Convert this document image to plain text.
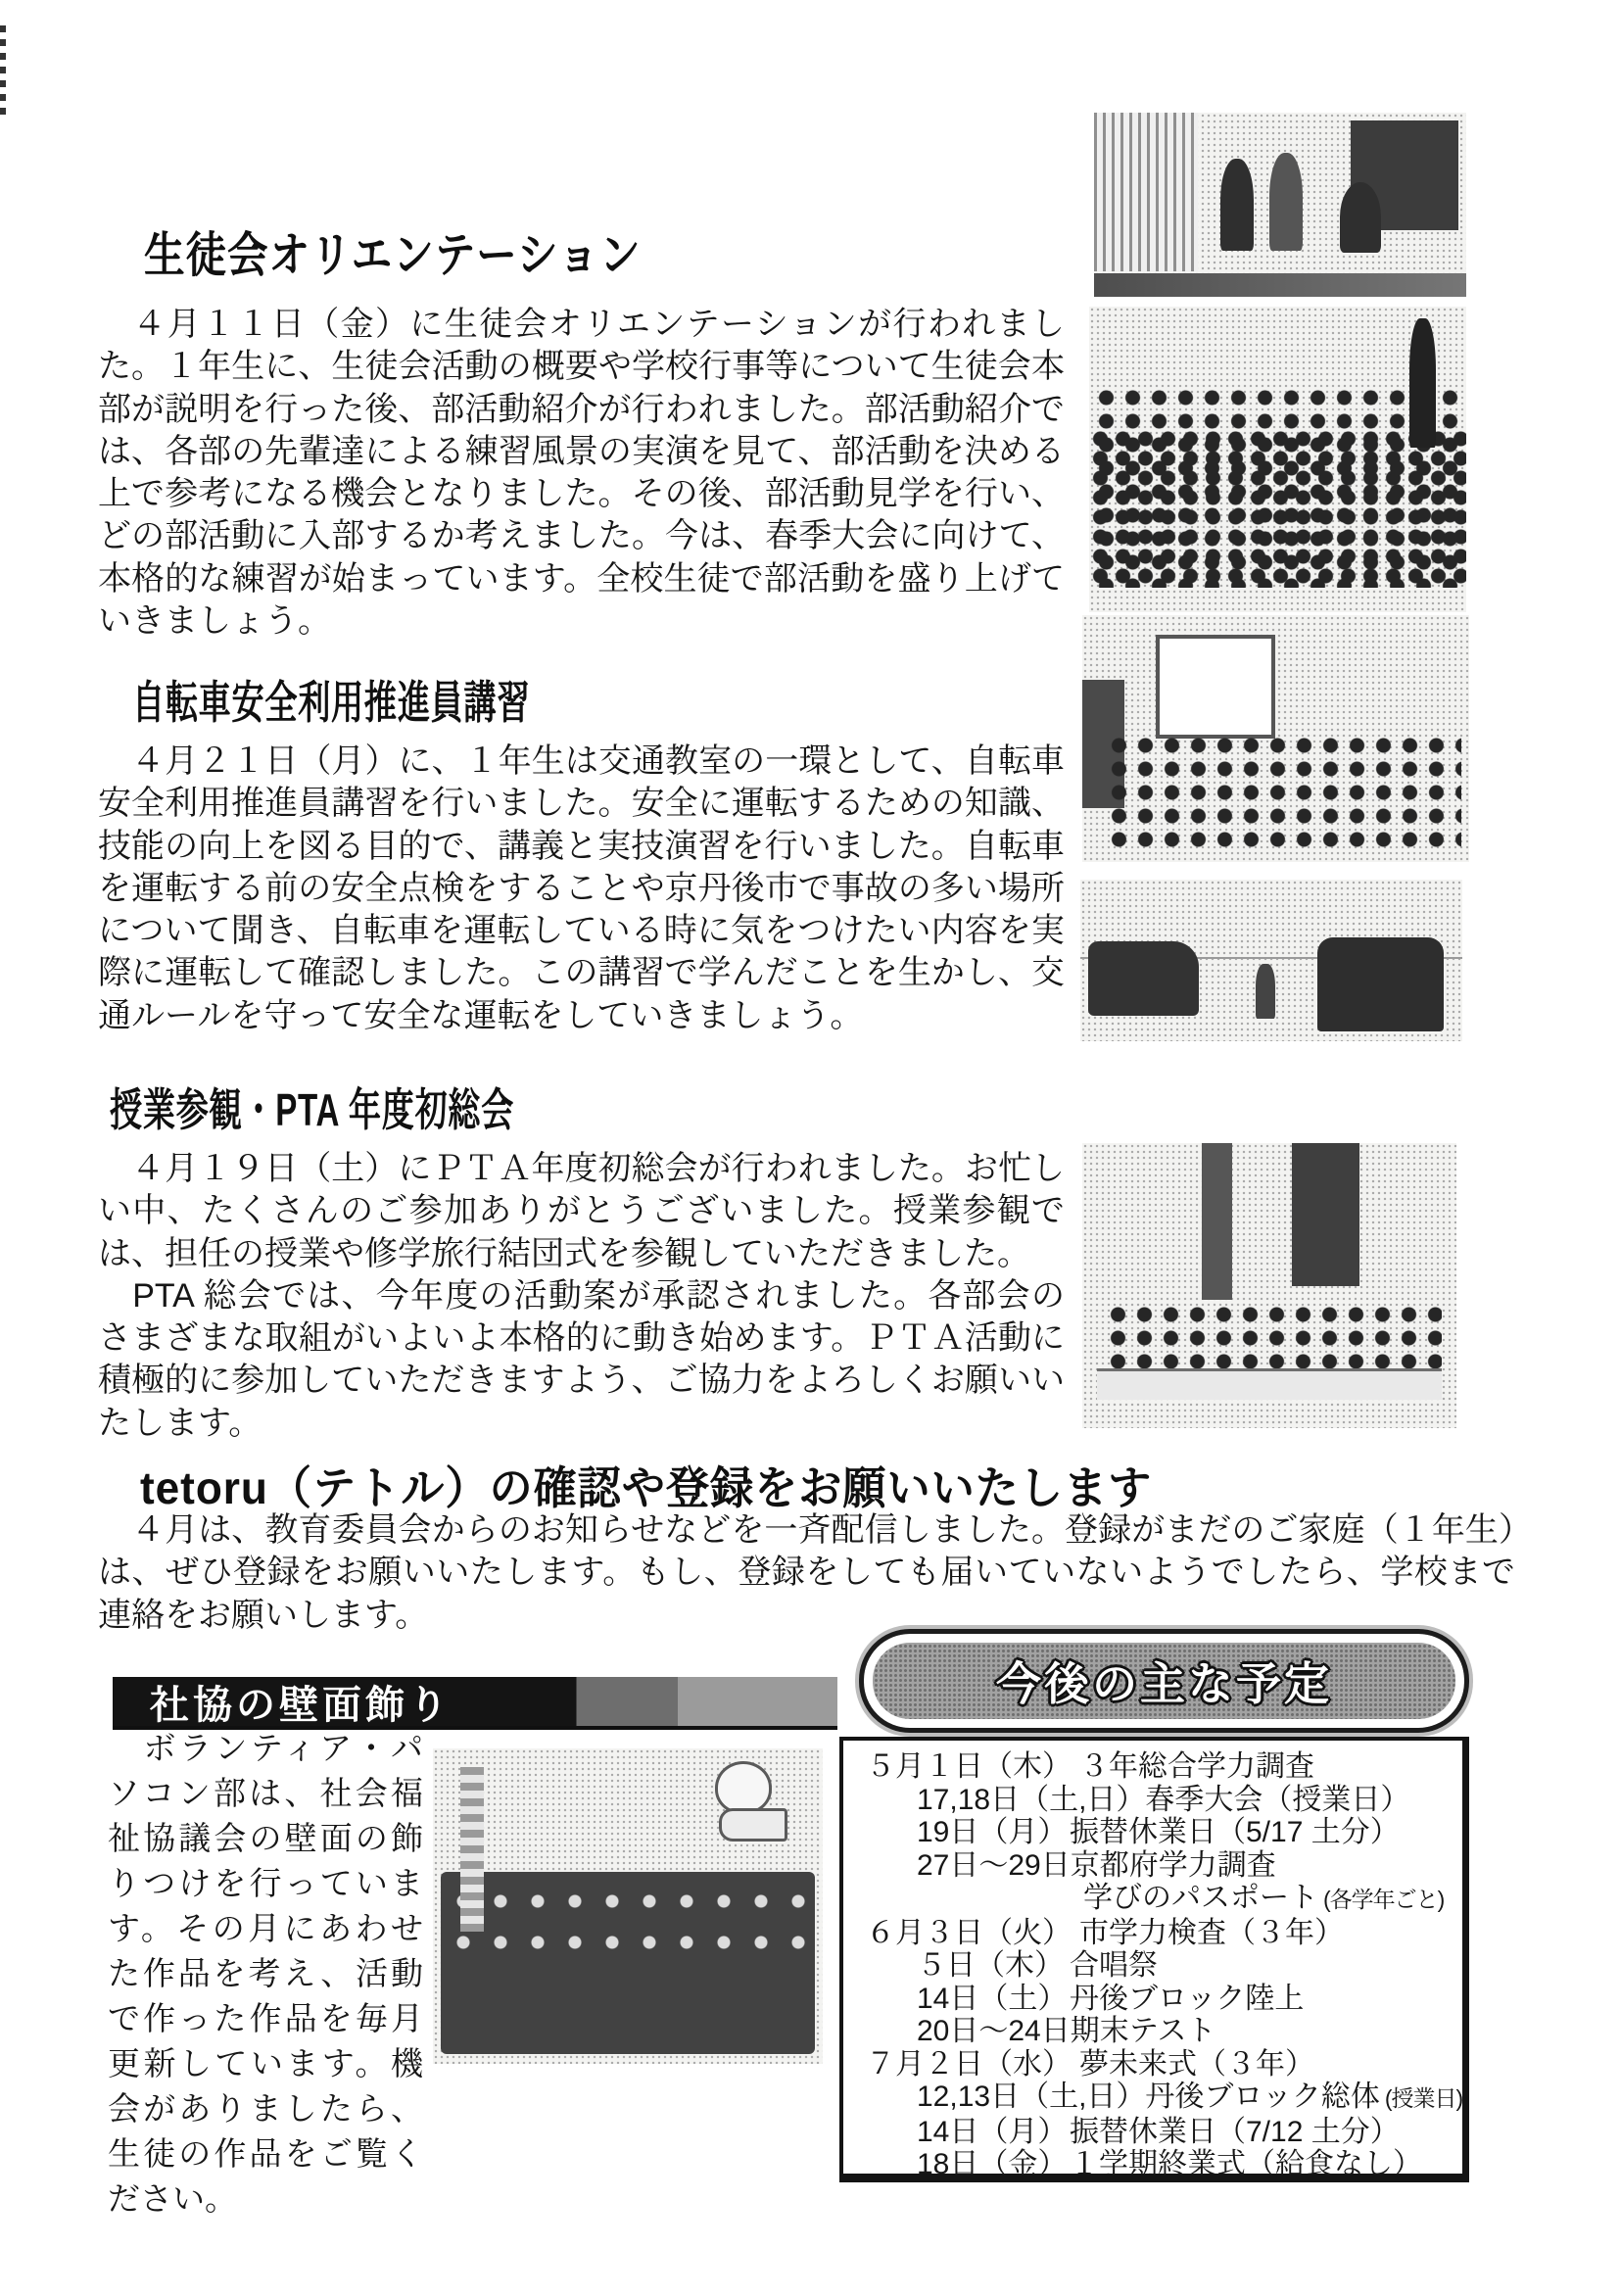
生徒会オリエンテーション

　４月１１日（金）に生徒会オリエンテーションが行われました。１年生に、生徒会活動の概要や学校行事等について生徒会本部が説明を行った後、部活動紹介が行われました。部活動紹介では、各部の先輩達による練習風景の実演を見て、部活動を決める上で参考になる機会となりました。その後、部活動見学を行い、どの部活動に入部するか考えました。今は、春季大会に向けて、本格的な練習が始まっています。全校生徒で部活動を盛り上げていきましょう。

自転車安全利用推進員講習

　４月２１日（月）に、１年生は交通教室の一環として、自転車安全利用推進員講習を行いました。安全に運転するための知識、技能の向上を図る目的で、講義と実技演習を行いました。自転車を運転する前の安全点検をすることや京丹後市で事故の多い場所について聞き、自転車を運転している時に気をつけたい内容を実際に運転して確認しました。この講習で学んだことを生かし、交通ルールを守って安全な運転をしていきましょう。

授業参観・PTA 年度初総会

　４月１９日（土）にＰＴＡ年度初総会が行われました。お忙しい中、たくさんのご参加ありがとうございました。授業参観では、担任の授業や修学旅行結団式を参観していただきました。

　PTA 総会では、今年度の活動案が承認されました。各部会のさまざまな取組がいよいよ本格的に動き始めます。ＰＴＡ活動に積極的に参加していただきますよう、ご協力をよろしくお願いいたします。

tetoru（テトル）の確認や登録をお願いいたします

　４月は、教育委員会からのお知らせなどを一斉配信しました。登録がまだのご家庭（１年生）は、ぜひ登録をお願いいたします。もし、登録をしても届いていないようでしたら、学校まで連絡をお願いします。

社協の壁面飾り

　ボランティア・パソコン部は、社会福祉協議会の壁面の飾りつけを行っています。その月にあわせた作品を考え、活動で作った作品を毎月更新しています。機会がありましたら、生徒の作品をご覧ください。

今後の主な予定
５月１日（木） ３年総合学力調査
17,18日（土,日） 春季大会（授業日）
19日（月） 振替休業日（5/17 土分）
27日～29日 京都府学力調査
学びのパスポート (各学年ごと)
６月３日（火） 市学力検査（３年）
５日（木） 合唱祭
14日（土） 丹後ブロック陸上
20日～24日 期末テスト
７月２日（水） 夢未来式（３年）
12,13日（土,日） 丹後ブロック総体 (授業日)
14日（月） 振替休業日（7/12 土分）
18日（金） １学期終業式（給食なし）
